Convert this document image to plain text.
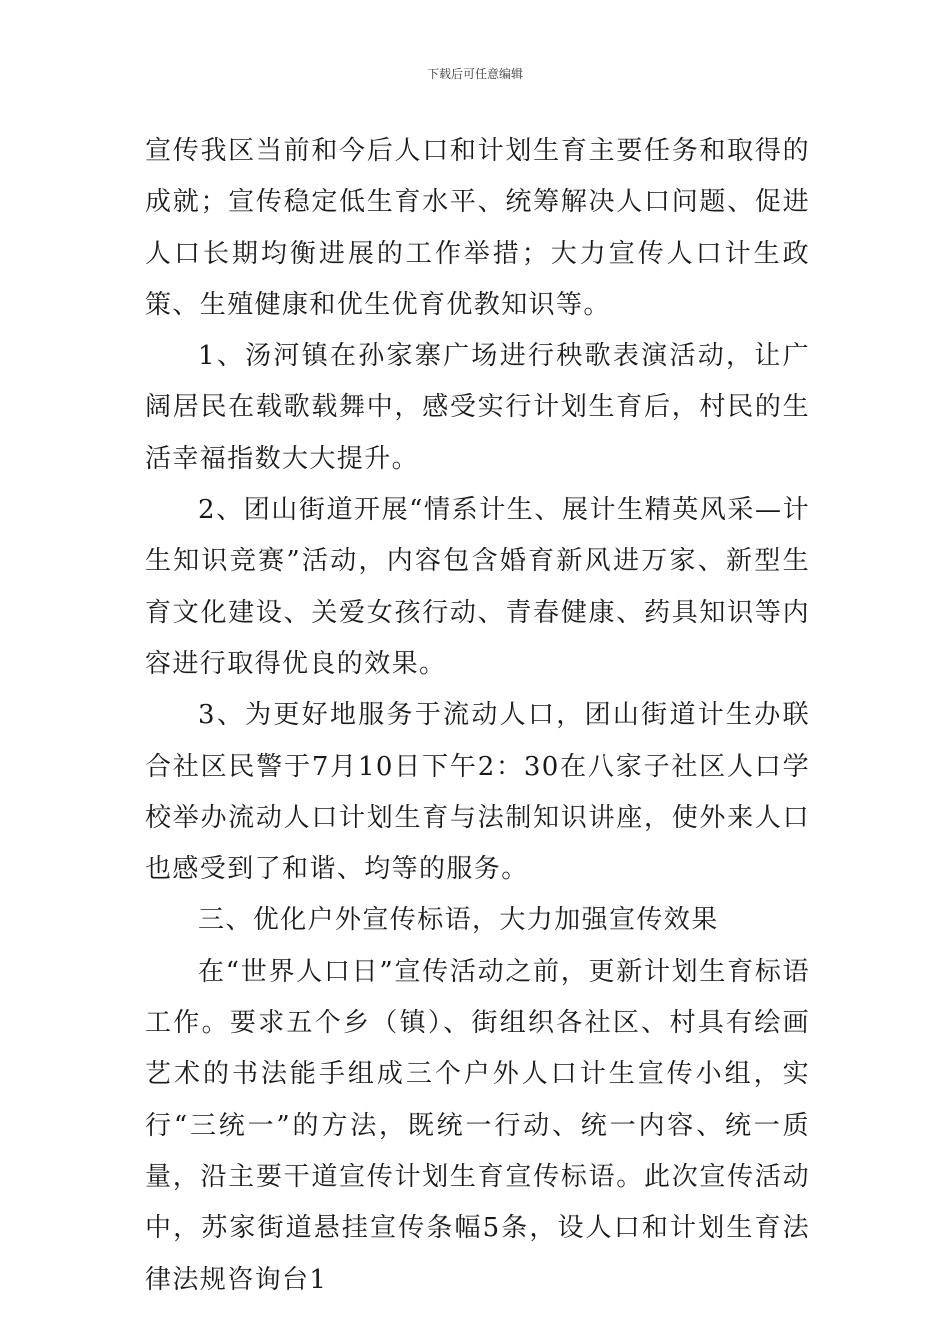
下载后可任意编辑

宣传我区当前和今后人口和计划生育主要任务和取得的成就；宣传稳定低生育水平、统筹解决人口问题、促进人口长期均衡进展的工作举措；大力宣传人口计生政策、生殖健康和优生优育优教知识等。

1、汤河镇在孙家寨广场进行秧歌表演活动，让广阔居民在载歌载舞中，感受实行计划生育后，村民的生活幸福指数大大提升。

2、团山街道开展“情系计生、展计生精英风采—计生知识竞赛”活动，内容包含婚育新风进万家、新型生育文化建设、关爱女孩行动、青春健康、药具知识等内容进行取得优良的效果。

3、为更好地服务于流动人口，团山街道计生办联合社区民警于7月10日下午2：30在八家子社区人口学校举办流动人口计划生育与法制知识讲座，使外来人口也感受到了和谐、均等的服务。

三、优化户外宣传标语，大力加强宣传效果

在“世界人口日”宣传活动之前，更新计划生育标语工作。要求五个乡（镇）、街组织各社区、村具有绘画艺术的书法能手组成三个户外人口计生宣传小组，实行“三统一”的方法，既统一行动、统一内容、统一质量，沿主要干道宣传计划生育宣传标语。此次宣传活动中，苏家街道悬挂宣传条幅5条，设人口和计划生育法律法规咨询台1
